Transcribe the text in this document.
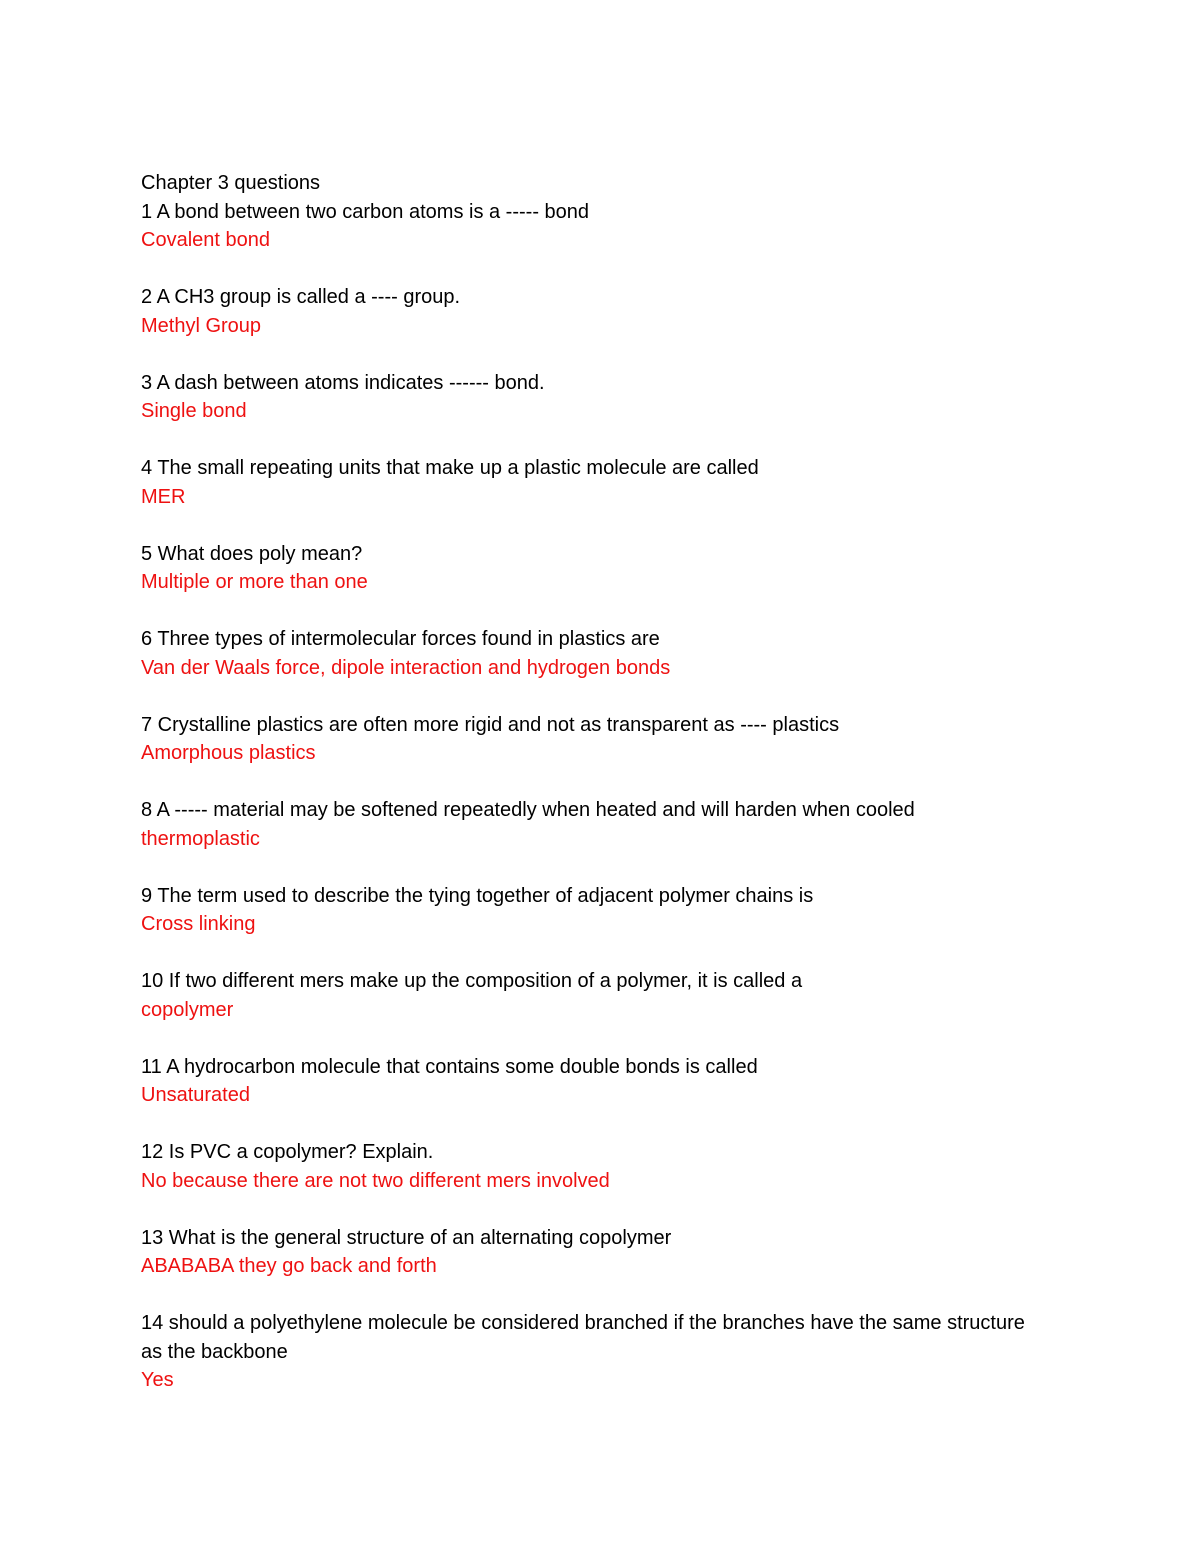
Chapter 3 questions

1 A bond between two carbon atoms is a ----- bond

Covalent bond

2 A CH3 group is called a ---- group.

Methyl Group

3 A dash between atoms indicates ------ bond.

Single bond

4 The small repeating units that make up a plastic molecule are called

MER

5 What does poly mean?

Multiple or more than one

6 Three types of intermolecular forces found in plastics are

Van der Waals force, dipole interaction and hydrogen bonds

7 Crystalline plastics are often more rigid and not as transparent as ---- plastics

Amorphous plastics

8 A ----- material may be softened repeatedly when heated and will harden when cooled

thermoplastic

9 The term used to describe the tying together of adjacent polymer chains is

Cross linking

10 If two different mers make up the composition of a polymer, it is called a

copolymer

11 A hydrocarbon molecule that contains some double bonds is called

Unsaturated

12 Is PVC a copolymer? Explain.

No because there are not two different mers involved

13 What is the general structure of an alternating copolymer

ABABABA they go back and forth

14 should a polyethylene molecule be considered branched if the branches have the same structure as the backbone

Yes
